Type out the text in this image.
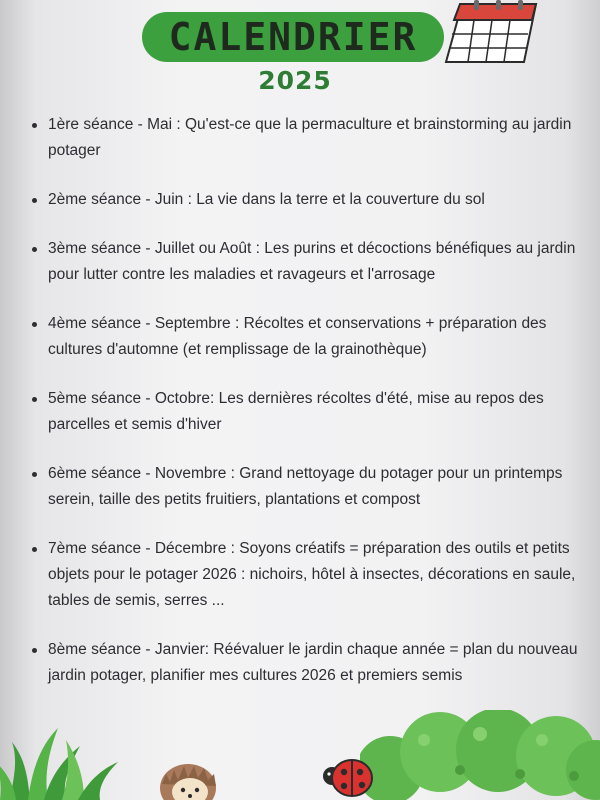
CALENDRIER
2025
1ère séance - Mai : Qu'est-ce que la permaculture et brainstorming au jardin potager
2ème séance - Juin : La vie dans la terre et la couverture du sol
3ème séance - Juillet ou Août : Les purins et décoctions bénéfiques au jardin pour lutter contre les maladies et ravageurs et l'arrosage
4ème séance - Septembre : Récoltes et conservations + préparation des cultures d'automne (et remplissage de la grainothèque)
5ème séance - Octobre: Les dernières récoltes d'été, mise au repos des parcelles et semis d'hiver
6ème séance - Novembre : Grand nettoyage du potager pour un printemps serein, taille des petits fruitiers, plantations et compost
7ème séance - Décembre : Soyons créatifs = préparation des outils et petits objets pour le potager 2026 : nichoirs, hôtel à insectes, décorations en saule, tables de semis, serres ...
8ème séance - Janvier: Réévaluer le jardin chaque année = plan du nouveau jardin potager, planifier mes cultures 2026 et premiers semis
